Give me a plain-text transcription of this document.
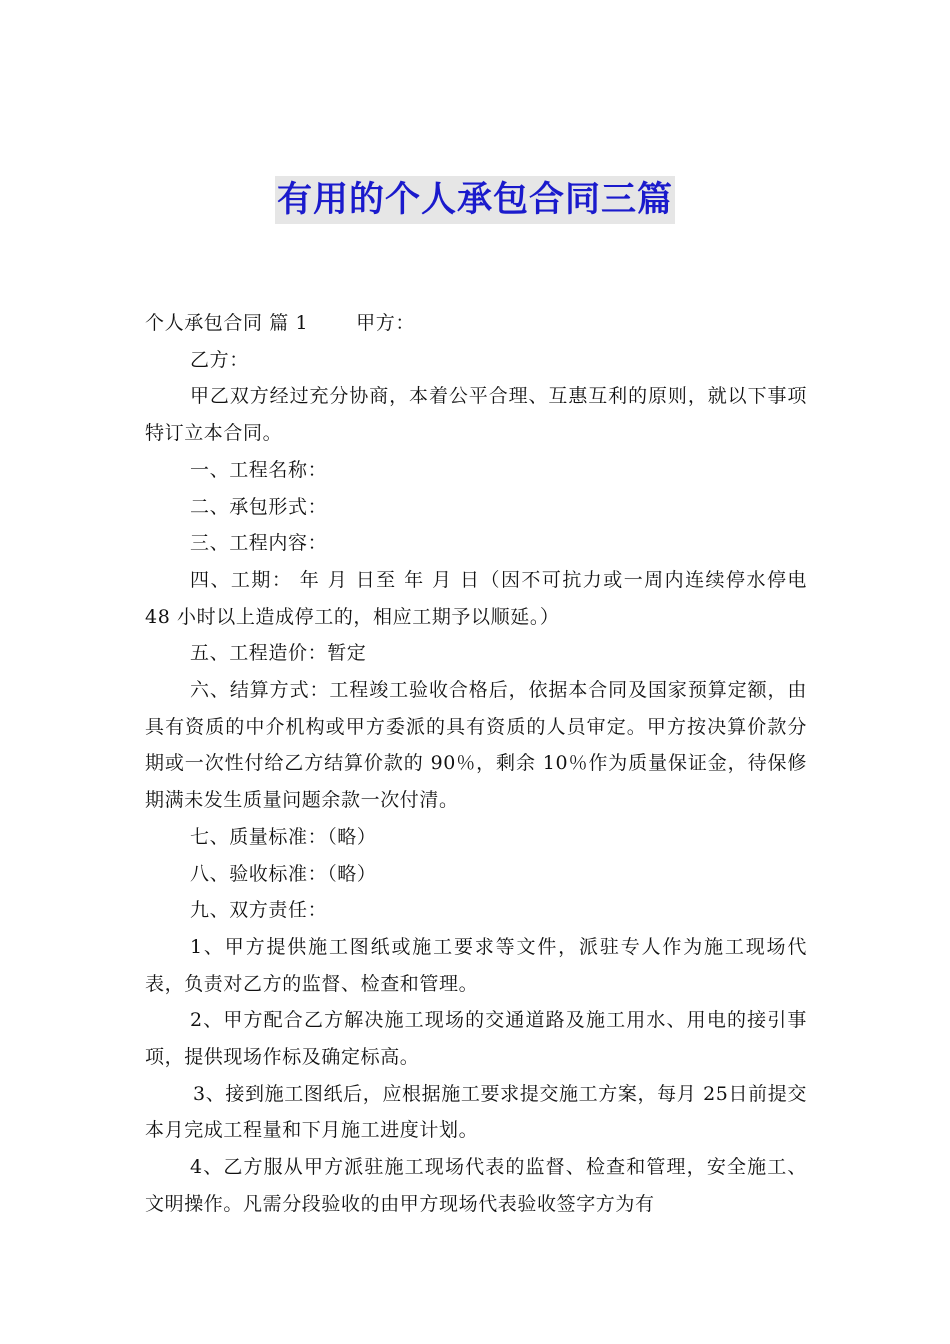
有用的个人承包合同三篇

个人承包合同 篇 1	甲方：

乙方：

甲乙双方经过充分协商，本着公平合理、互惠互利的原则，就以下事项特订立本合同。

一、工程名称：

二、承包形式：

三、工程内容：

四、工期： 年 月 日至 年 月 日（因不可抗力或一周内连续停水停电 48 小时以上造成停工的，相应工期予以顺延。）

五、工程造价：暂定

六、结算方式：工程竣工验收合格后，依据本合同及国家预算定额，由具有资质的中介机构或甲方委派的具有资质的人员审定。甲方按决算价款分期或一次性付给乙方结算价款的 90％，剩余 10％作为质量保证金，待保修期满未发生质量问题余款一次付清。

七、质量标准：（略）

八、验收标准：（略）

九、双方责任：

1、甲方提供施工图纸或施工要求等文件，派驻专人作为施工现场代表，负责对乙方的监督、检查和管理。

2、甲方配合乙方解决施工现场的交通道路及施工用水、用电的接引事项，提供现场作标及确定标高。

3、接到施工图纸后，应根据施工要求提交施工方案，每月 25日前提交本月完成工程量和下月施工进度计划。

4、乙方服从甲方派驻施工现场代表的监督、检查和管理，安全施工、文明操作。凡需分段验收的由甲方现场代表验收签字方为有
